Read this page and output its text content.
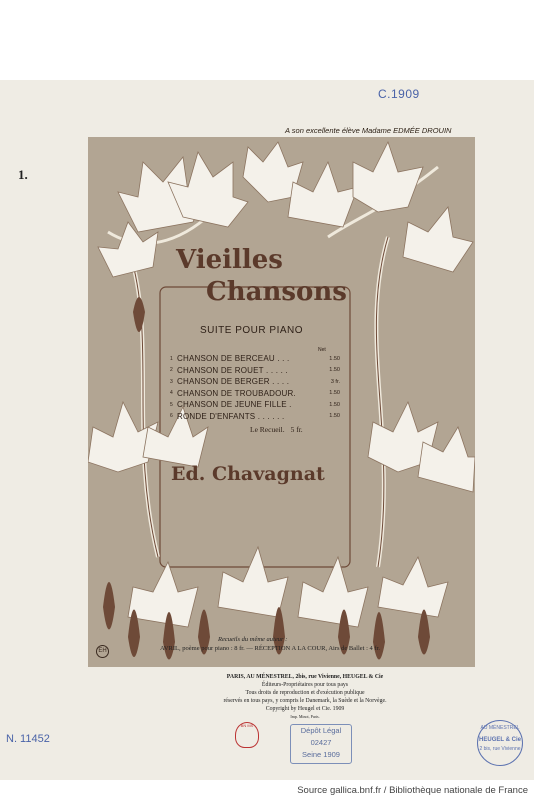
C.1909
A son excellente élève Madame EDMÉE DROUIN
1.
Vieilles
Chansons
SUITE POUR PIANO
Net
1 CHANSON DE BERCEAU . . .	1.50
2 CHANSON DE ROUET . . . . .	1.50
3 CHANSON DE BERGER . . . .	3 fr.
4 CHANSON DE TROUBADOUR.	1.50
5 CHANSON DE JEUNE FILLE .	1.50
6 RONDE D'ENFANTS . . . . . .	1.50
Le Recueil. 5 fr.
Ed. Chavagnat
EH
Recueils du même auteur :
AVRIL, poème pour piano : 8 fr. — RÉCEPTION A LA COUR, Airs de Ballet : 4 fr.
PARIS, AU MÉNESTREL, 2bis, rue Vivienne, HEUGEL & Cie
Éditeurs-Propriétaires pour tous pays
Tous droits de reproduction et d'exécution publique
réservés en tous pays, y compris le Danemark, la Suède et la Norvège.
Copyright by Heugel et Cie. 1909
Imp. Minot, Paris.
BN MS
Dépôt Légal
02427
Seine 1909
AU MÉNESTREL
HEUGEL & Cie
2 bis, rue Vivienne
N. 11452
Source gallica.bnf.fr / Bibliothèque nationale de France
